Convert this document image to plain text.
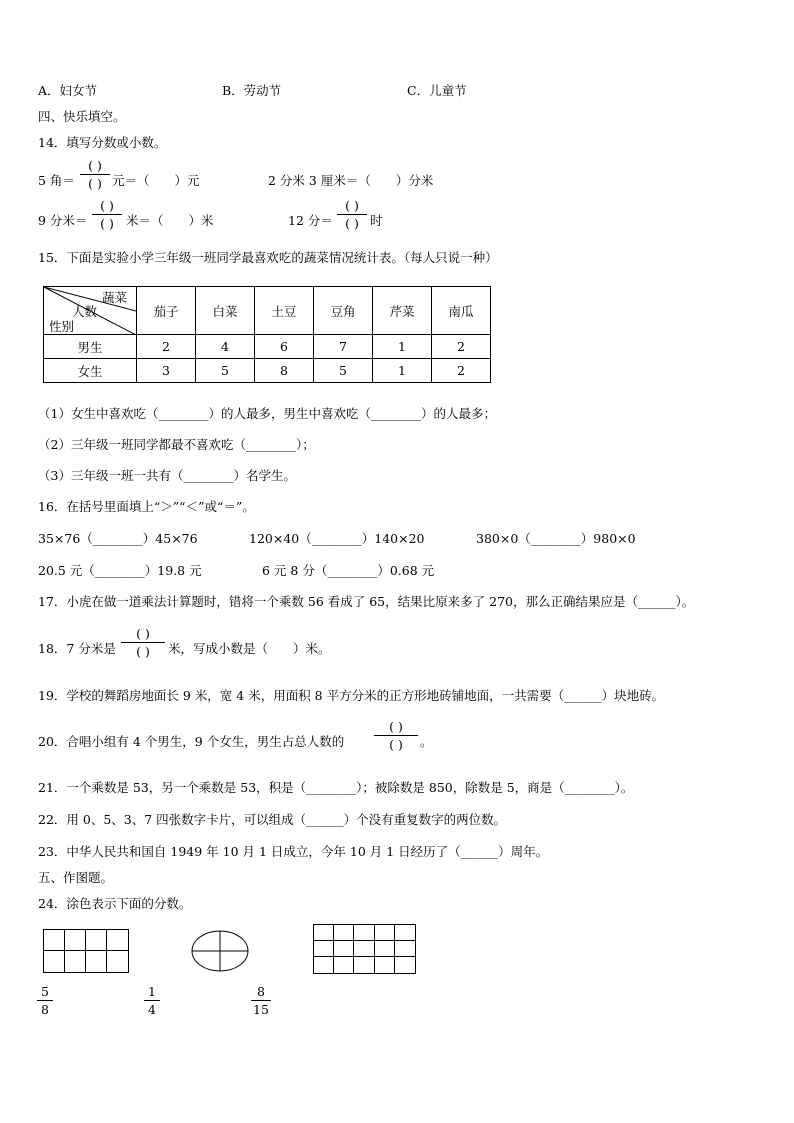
A．妇女节	B．劳动节	C．儿童节
四、快乐填空。
14．填写分数或小数。
5 角＝
( )
( ) 元＝（　　）元	2 分米 3 厘米＝（　　）分米
9 分米＝
( )
( ) 米＝（　　）米	12 分＝
( )
( ) 时
15．下面是实验小学三年级一班同学最喜欢吃的蔬菜情况统计表。（每人只说一种）
蔬菜
人数
性别	茄子	白菜	土豆	豆角	芹菜	南瓜
男生	2	4	6	7	1	2
女生	3	5	8	5	1	2
（1）女生中喜欢吃（________）的人最多，男生中喜欢吃（________）的人最多；
（2）三年级一班同学都最不喜欢吃（________）；
（3）三年级一班一共有（________）名学生。
16．在括号里面填上“＞”“＜”或“＝”。
35×76（________）45×76	120×40（________）140×20	380×0（________）980×0
20.5 元（________）19.8 元	6 元 8 分（________）0.68 元
17．小虎在做一道乘法计算题时，错将一个乘数 56 看成了 65，结果比原来多了 270，那么正确结果应是（______）。
18．7 分米是
( )
( ) 米，写成小数是（　　）米。
19．学校的舞蹈房地面长 9 米，宽 4 米，用面积 8 平方分米的正方形地砖铺地面，一共需要（______）块地砖。
20．合唱小组有 4 个男生，9 个女生，男生占总人数的
( )
( ) 。
21．一个乘数是 53，另一个乘数是 53，积是（________）；被除数是 850，除数是 5，商是（________）。
22．用 0、5、3、7 四张数字卡片，可以组成（______）个没有重复数字的两位数。
23．中华人民共和国自 1949 年 10 月 1 日成立，今年 10 月 1 日经历了（______）周年。
五、作图题。
24．涂色表示下面的分数。
5
8
1
4
8
15
